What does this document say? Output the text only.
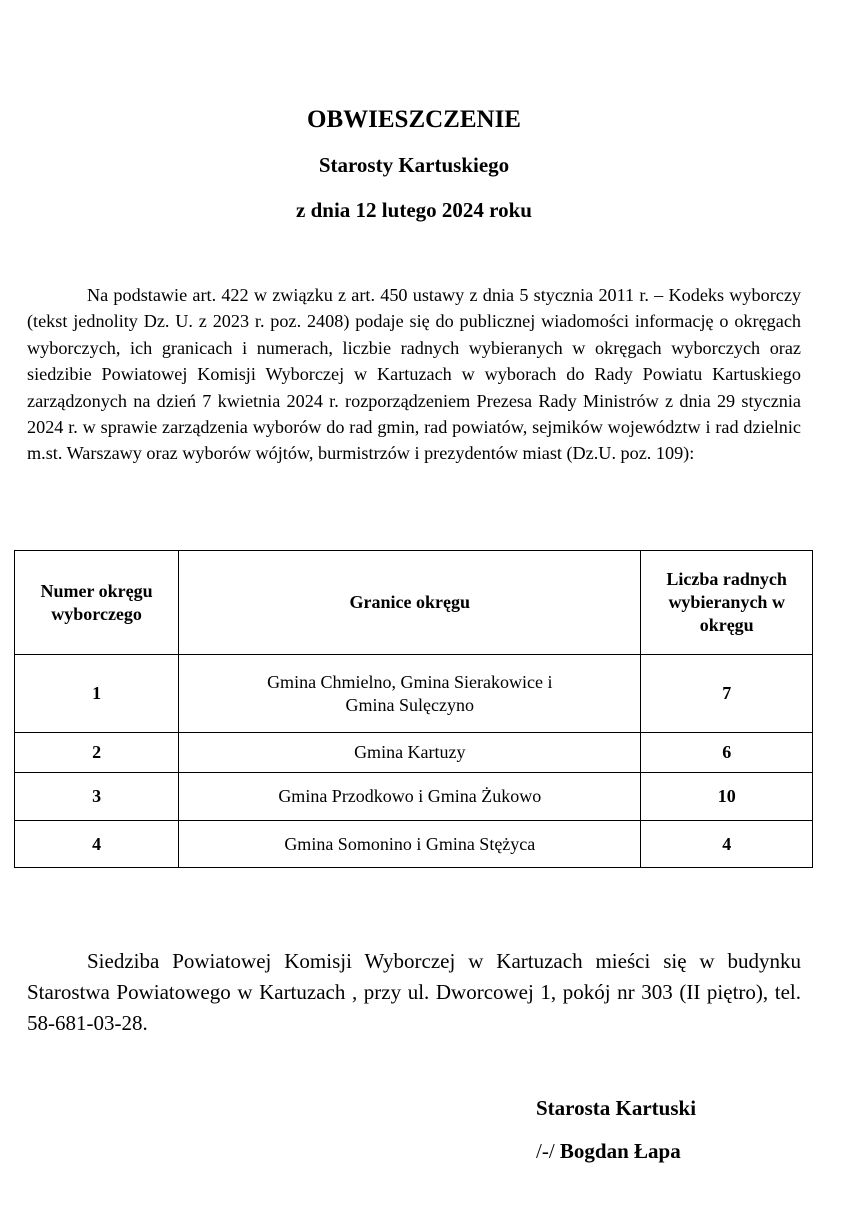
OBWIESZCZENIE
Starosty Kartuskiego
z dnia 12 lutego 2024 roku

Na podstawie art. 422 w związku z art. 450 ustawy z dnia 5 stycznia 2011 r. – Kodeks wyborczy (tekst jednolity Dz. U. z 2023 r. poz. 2408) podaje się do publicznej wiadomości informację o okręgach wyborczych, ich granicach i numerach, liczbie radnych wybieranych w okręgach wyborczych oraz siedzibie Powiatowej Komisji Wyborczej w Kartuzach w wyborach do Rady Powiatu Kartuskiego zarządzonych na dzień 7 kwietnia 2024 r. rozporządzeniem Prezesa Rady Ministrów z dnia 29 stycznia 2024 r. w sprawie zarządzenia wyborów do rad gmin, rad powiatów, sejmików województw i rad dzielnic m.st. Warszawy oraz wyborów wójtów, burmistrzów i prezydentów miast (Dz.U. poz. 109):

Numer okręgu wyborczego	Granice okręgu	Liczba radnych wybieranych w okręgu
1	Gmina Chmielno, Gmina Sierakowice i Gmina Sulęczyno	7
2	Gmina Kartuzy	6
3	Gmina Przodkowo i Gmina Żukowo	10
4	Gmina Somonino i Gmina Stężyca	4

Siedziba Powiatowej Komisji Wyborczej w Kartuzach mieści się w budynku Starostwa Powiatowego w Kartuzach , przy ul. Dworcowej 1, pokój nr 303 (II piętro), tel. 58-681-03-28.

Starosta Kartuski
/-/ Bogdan Łapa
